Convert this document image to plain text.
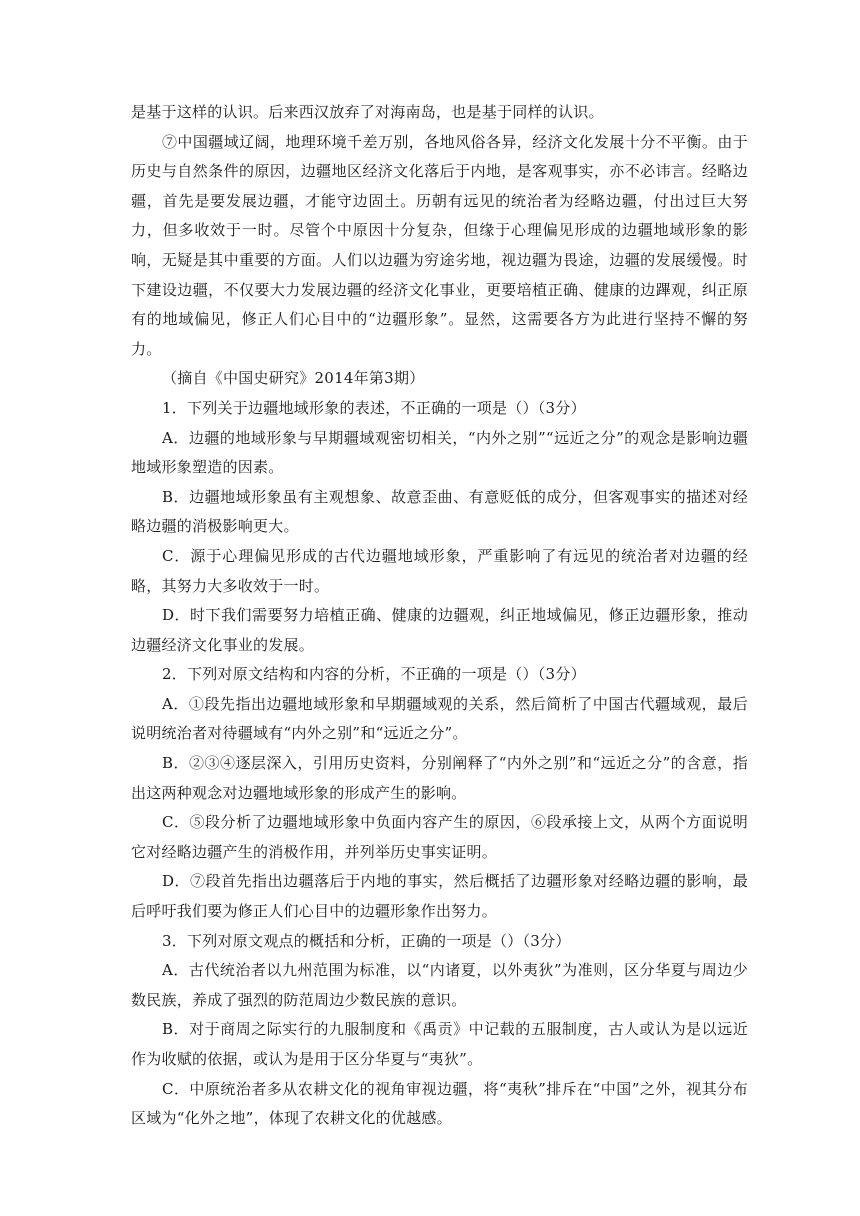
是基于这样的认识。后来西汉放弃了对海南岛，也是基于同样的认识。

⑦中国疆域辽阔，地理环境千差万别，各地风俗各异，经济文化发展十分不平衡。由于历史与自然条件的原因，边疆地区经济文化落后于内地，是客观事实，亦不必讳言。经略边疆，首先是要发展边疆，才能守边固土。历朝有远见的统治者为经略边疆，付出过巨大努力，但多收效于一时。尽管个中原因十分复杂，但缘于心理偏见形成的边疆地域形象的影响，无疑是其中重要的方面。人们以边疆为穷途劣地，视边疆为畏途，边疆的发展缓慢。时下建设边疆，不仅要大力发展边疆的经济文化事业，更要培植正确、健康的边蹕观，纠正原有的地域偏见，修正人们心目中的“边疆形象”。显然，这需要各方为此进行坚持不懈的努力。

（摘自《中国史研究》2014年第3期）

1．下列关于边疆地域形象的表述，不正确的一项是（）（3分）

A．边疆的地域形象与早期疆域观密切相关，“内外之别”“远近之分”的观念是影响边疆地域形象塑造的因素。

B．边疆地域形象虽有主观想象、故意歪曲、有意贬低的成分，但客观事实的描述对经略边疆的消极影响更大。

C．源于心理偏见形成的古代边疆地域形象，严重影响了有远见的统治者对边疆的经略，其努力大多收效于一时。

D．时下我们需要努力培植正确、健康的边疆观，纠正地域偏见，修正边疆形象，推动边疆经济文化事业的发展。

2．下列对原文结构和内容的分析，不正确的一项是（）（3分）

A．①段先指出边疆地域形象和早期疆域观的关系，然后简析了中国古代疆域观，最后说明统治者对待疆域有“内外之别”和“远近之分”。

B．②③④逐层深入，引用历史资料，分别阐释了“内外之别”和“远近之分”的含意，指出这两种观念对边疆地域形象的形成产生的影响。

C．⑤段分析了边疆地域形象中负面内容产生的原因，⑥段承接上文，从两个方面说明它对经略边疆产生的消极作用，并列举历史事实证明。

D．⑦段首先指出边疆落后于内地的事实，然后概括了边疆形象对经略边疆的影响，最后呼吁我们要为修正人们心目中的边疆形象作出努力。

3．下列对原文观点的概括和分析，正确的一项是（）（3分）

A．古代统治者以九州范围为标准，以“内诸夏，以外夷狄”为准则，区分华夏与周边少数民族，养成了强烈的防范周边少数民族的意识。

B．对于商周之际实行的九服制度和《禹贡》中记载的五服制度，古人或认为是以远近作为收赋的依据，或认为是用于区分华夏与“夷狄”。

C．中原统治者多从农耕文化的视角审视边疆，将“夷秋”排斥在“中国”之外，视其分布区域为“化外之地”，体现了农耕文化的优越感。
